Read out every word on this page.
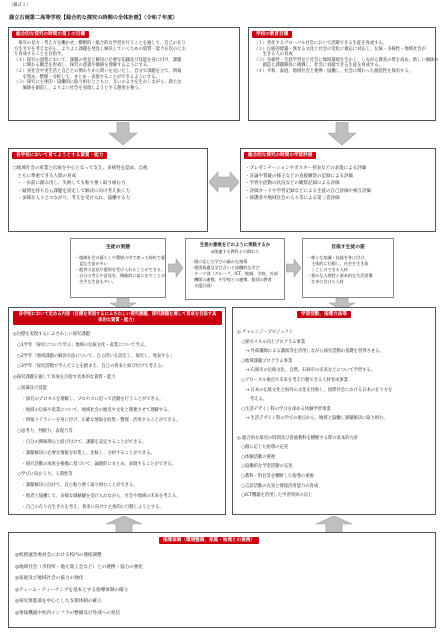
（様式１）
鹿立石岡第二高等学校【総合的な探究の時間の全体計画】（令和７年度）
総合的な探究の時間の第１の目標
　探究の見方・考え方を働かせ、横断的・総合的な学習を行うことを通して、自己の在り
方生き方を考えながら、よりよく課題を発見し解決していくための資質・能力を次のとお
り育成することを目指す。
（１）探究の過程において、課題の発見と解決に必要な知識及び技能を身に付け、課題
　　に関わる概念を形成し、探究の意義や価値を理解するようにする。
（２）実社会や実生活と自己との関わりから問いを見いだし、自分で課題を立て、情報
　　を集め、整理・分析して、まとめ・表現することができるようにする。
（３）探究に主体的・協働的に取り組むとともに、互いのよさを生かしながら、新たな
　　価値を創造し、よりよい社会を実現しようとする態度を養う。
学校の教育目標
（１）変化するグローバル社会において活躍できる生徒を育成する。
（２）伝統的建築・異なる文化と社会の変化に適応に対応し、伝統・多様性・地域社会が
　　生きる人の育成
（３）多様性・生涯学習など社会に地域環境を生かし、しながら教育の質を高め、新しい価値の
　　創造と課題解決に挑戦し、社会に貢献できる生徒を育成する。
（４）平和、家庭、地域社会と連携・協働し、社会に関わった創造性を保有する。
各学校において育てようとする資質・能力
○地域社会の産業と伝統を中心となって支え、多様性を認め、自他
　ともに尊重できる人間の育成
　・一歩前に踏み出し、失敗しても粘り強く取り組む力
　・疑問を持ち自ら課題を設定して解決に向け考え抜く力
　・多様な人々とつながり、考えを受け入れ、協働する力
総合的な探究の時間の学習評価
・プレゼンテーションやポスター発表などの表現による評価
・討論や質疑の様子などの直接観察の記録による評価
・学習や活動の状況などの観察記録による評価
・評価カードや学習記録などによる生徒の自己評価や相互評価
・保護者や地域社会の人々等による第三者評価
生徒の実態
・地域社会の暮らしや環境の中で育った純朴で素
　直な生徒が多い
・他者の意見や援助を受け入れることができる。
・自分の考えや意見を、積極的に前に出すことが
　苦手な生徒も多い。
生徒の意欲をどのように実践するか
◎関連する教科との関わり
・個に応じた学びの細かな指導
・個別最適な学び合いと協働的な学び
・テーマ別（グループ、ICT、地域、学校、外部
　機関の連携、中学校との連携、個別の教育
　支援計画）
目指す生徒の姿
・様々な知識・技能を身に付け、
　主体的に行動し、社会を生き抜
　くことのできる人材
・豊かな人間性と基本的な生活習慣
　を身に付けた人材
各学校において定める内容（目標を実現するにふさわしい探究課題、探究課題を通して育成を目指す具体的な資質・能力）
◎目標を実現するにふさわしい探究課題
　○1学年「探究について学ぶ」地域の伝統文化・産業について学ぶ。
　○2学年「地域課題の解決方法について、自ら問いを設定し、探究し、発表する」
　○3学年「探究活動で学んだことを踏まえ、自己の将来と結び付けて考える」
◎探究課題を通して育成を目指す具体的な資質・能力
　○知識及び技能
　　・探究のプロセスを理解し、プロセスに沿って活動を行うことができる。
　　・地域の伝統や産業について、地域社会の歴史や文化と関連させて理解する。
　　・情報リテラシーを身に付け、正確な情報を収集・整理・活用することができる。
　○思考力、判断力、表現力等
　　・自分の興味関心と結び付けて、課題を設定することができる。
　　・課題解決に必要な情報を収集し、比較し、分析することができる。
　　・探究活動の成果を根拠に基づいて、論理的にまとめ、表現することができる。
　○学びに向かう力、人間性等
　　・課題解決に向けて、自ら粘り強く取り組むことができる。
　　・他者と協働して、多様な価値観を受け入れながら、社会や地域の未来を考える。
　　・自己の在り方生き方を考え、将来に向けて主体的に行動しようとする。
学習活動、指導方法等
◎ チャレンジ・プロジェクト
　○探究スキル向上プログラム事業
　　→ 外部講師による講演等を活用しながら探究活動の基礎を習得させる。
　○地域課題プログラム事業
　　→ 石岡市の伝統文化、自然、石岡市の未来などについて学習する。
　○グローカル視点で未来を考え行動できる人材育成事業
　　→ 日本の伝統文化と海外の文化を比較し、国際社会における日本の在り方を
　　　考える。
　○生活デザイン科の学びを深める体験学習事業
　　→ 生活デザイン科の学びの視点から、地域と協働し課題解決に取り組む。

◎ 総合的な探究の時間及び普通教科を横断する際の基本的方針
　○個に応じた指導の充実
　○体験活動の重視
　○協働的な学習活動の充実
　○教科・科目等を横断した指導の重視
　○言語活動の充実と情報活用能力の育成
　○ICT機器を活用した学習効果の向上
指導体制（環境整備、家庭・地域との連携）
◎校務運営委員会における校内の連絡調整
◎地域社会（市役所・地元商工会など）との連携・協力の強化
◎家庭及び地域社会の協力の強化
◎ティーム・ティーチングを基本とする指導体制の確立
◎探究推進部を中心とした支援体制の確立
◎情報機器や校内インフラの整備及び外部への発信
